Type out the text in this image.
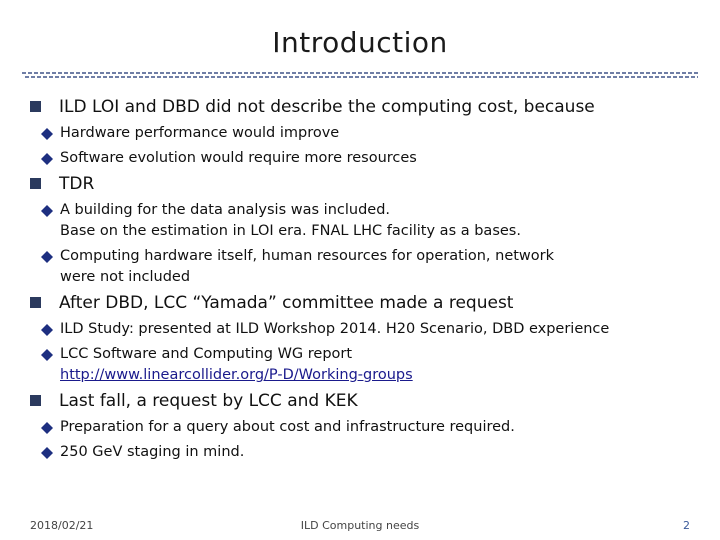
Introduction
ILD LOI and DBD did not describe the computing cost, because
Hardware performance would improve
Software evolution would require more resources
TDR
A building for the data analysis was included.
Base on the estimation in LOI era. FNAL LHC facility as a bases.
Computing hardware itself, human resources for operation, network
were not included
After DBD, LCC “Yamada” committee made a request
ILD Study: presented at ILD Workshop 2014. H20 Scenario, DBD experience
LCC Software and Computing WG report
http://www.linearcollider.org/P-D/Working-groups
Last fall, a request by LCC and KEK
Preparation for a query about cost and infrastructure required.
250 GeV staging in mind.
2018/02/21	ILD Computing needs	2
